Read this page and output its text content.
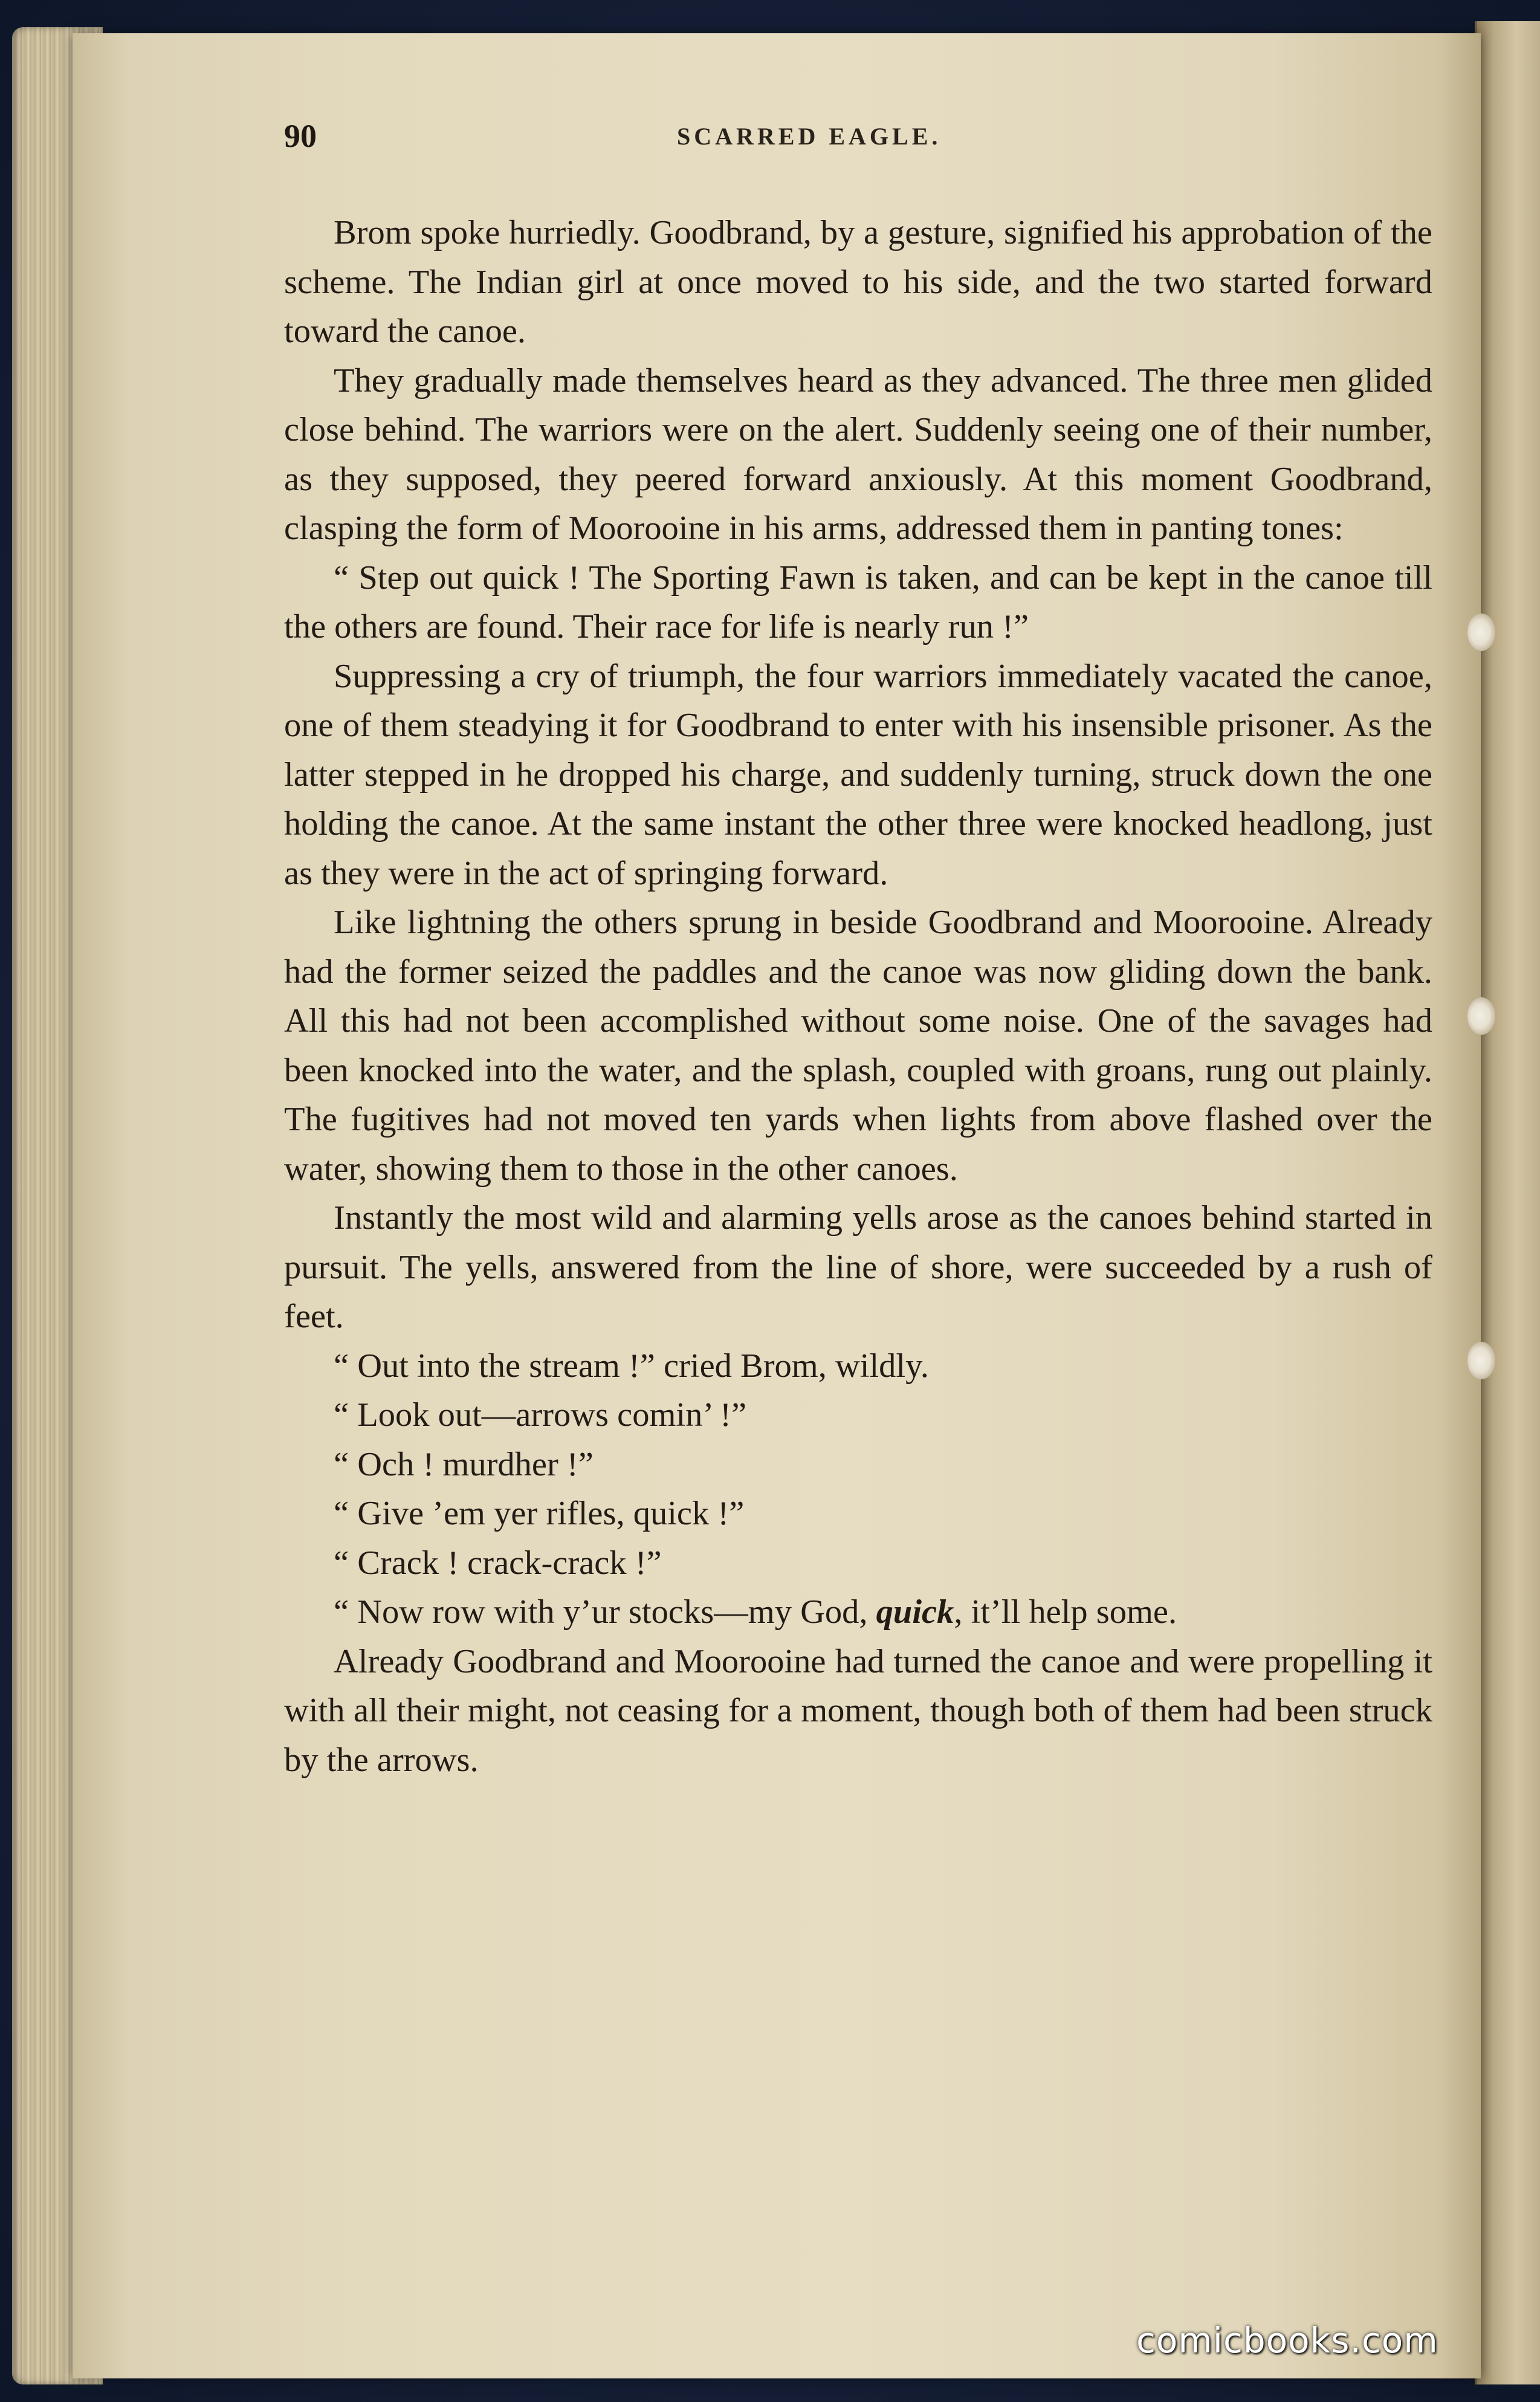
90	SCARRED EAGLE.

Brom spoke hurriedly. Goodbrand, by a gesture, signified his approbation of the scheme. The Indian girl at once moved to his side, and the two started forward toward the canoe.

They gradually made themselves heard as they advanced. The three men glided close behind. The warriors were on the alert. Suddenly seeing one of their number, as they supposed, they peered forward anxiously. At this moment Goodbrand, clasping the form of Moorooine in his arms, addressed them in panting tones:

“ Step out quick ! The Sporting Fawn is taken, and can be kept in the canoe till the others are found. Their race for life is nearly run !”

Suppressing a cry of triumph, the four warriors immediately vacated the canoe, one of them steadying it for Goodbrand to enter with his insensible prisoner. As the latter stepped in he dropped his charge, and suddenly turning, struck down the one holding the canoe. At the same instant the other three were knocked headlong, just as they were in the act of springing forward.

Like lightning the others sprung in beside Goodbrand and Moorooine. Already had the former seized the paddles and the canoe was now gliding down the bank. All this had not been accomplished without some noise. One of the savages had been knocked into the water, and the splash, coupled with groans, rung out plainly. The fugitives had not moved ten yards when lights from above flashed over the water, showing them to those in the other canoes.

Instantly the most wild and alarming yells arose as the canoes behind started in pursuit. The yells, answered from the line of shore, were succeeded by a rush of feet.

“ Out into the stream !” cried Brom, wildly.

“ Look out—arrows comin’ !”

“ Och ! murdher !”

“ Give ’em yer rifles, quick !”

“ Crack ! crack-crack !”

“ Now row with y’ur stocks—my God, quick, it’ll help some.

Already Goodbrand and Moorooine had turned the canoe and were propelling it with all their might, not ceasing for a moment, though both of them had been struck by the arrows.

comicbooks.com
